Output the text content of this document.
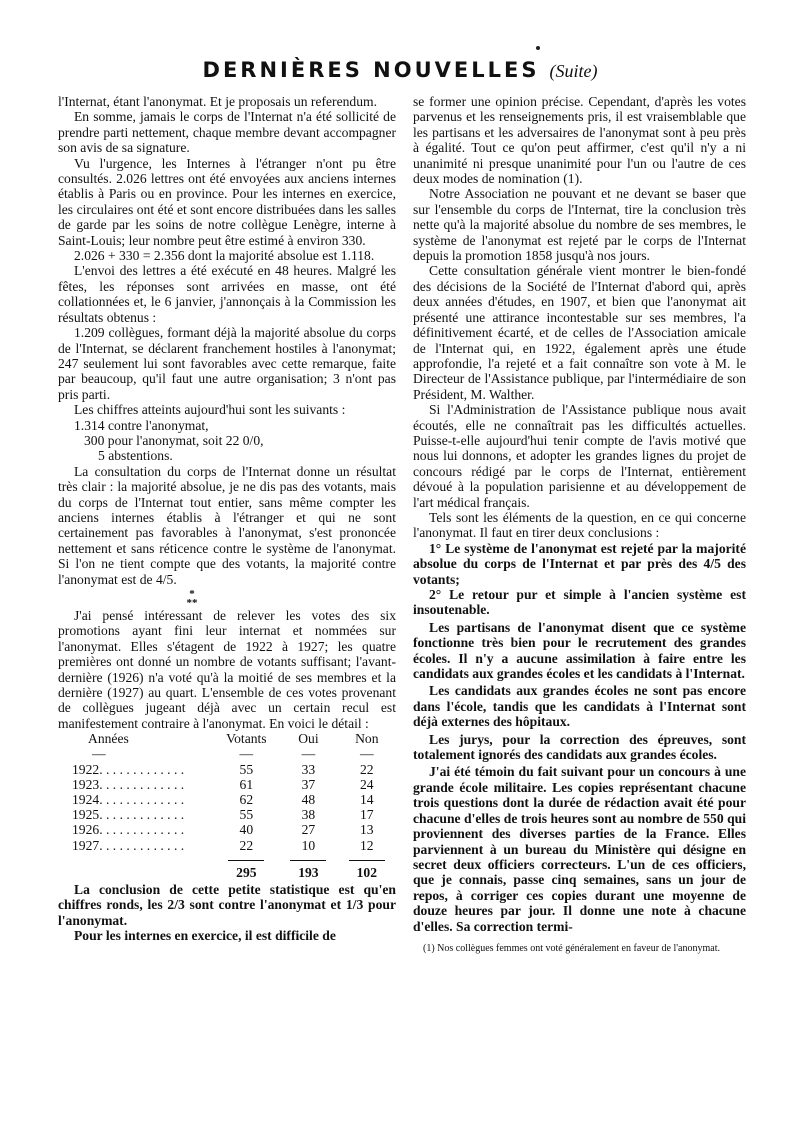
DERNIÈRES NOUVELLES (Suite)

l'Internat, étant l'anonymat. Et je proposais un referendum.

En somme, jamais le corps de l'Internat n'a été sollicité de prendre parti nettement, chaque membre devant accompagner son avis de sa signature.

Vu l'urgence, les Internes à l'étranger n'ont pu être consultés. 2.026 lettres ont été envoyées aux anciens internes établis à Paris ou en province. Pour les internes en exercice, les circulaires ont été et sont encore distribuées dans les salles de garde par les soins de notre collègue Lenègre, interne à Saint-Louis; leur nombre peut être estimé à environ 330.

2.026 + 330 = 2.356 dont la majorité absolue est 1.118.

L'envoi des lettres a été exécuté en 48 heures. Malgré les fêtes, les réponses sont arrivées en masse, ont été collationnées et, le 6 janvier, j'annonçais à la Commission les résultats obtenus :

1.209 collègues, formant déjà la majorité absolue du corps de l'Internat, se déclarent franchement hostiles à l'anonymat; 247 seulement lui sont favorables avec cette remarque, faite par beaucoup, qu'il faut une autre organisation; 3 n'ont pas pris parti.

Les chiffres atteints aujourd'hui sont les suivants :

1.314 contre l'anonymat,
300 pour l'anonymat, soit 22 0/0,
5 abstentions.

La consultation du corps de l'Internat donne un résultat très clair : la majorité absolue, je ne dis pas des votants, mais du corps de l'Internat tout entier, sans même compter les anciens internes établis à l'étranger et qui ne sont certainement pas favorables à l'anonymat, s'est prononcée nettement et sans réticence contre le système de l'anonymat. Si l'on ne tient compte que des votants, la majorité contre l'anonymat est de 4/5.

*
**

J'ai pensé intéressant de relever les votes des six promotions ayant fini leur internat et nommées sur l'anonymat. Elles s'étagent de 1922 à 1927; les quatre premières ont donné un nombre de votants suffisant; l'avant-dernière (1926) n'a voté qu'à la moitié de ses membres et la dernière (1927) au quart. L'ensemble de ces votes provenant de collègues jugeant déjà avec un certain recul est manifestement contraire à l'anonymat. En voici le détail :

Années	Votants	Oui	Non
—	—	—	—
1922. . . . . . . . . . . . .	55	33	22
1923. . . . . . . . . . . . .	61	37	24
1924. . . . . . . . . . . . .	62	48	14
1925. . . . . . . . . . . . .	55	38	17
1926. . . . . . . . . . . . .	40	27	13
1927. . . . . . . . . . . . .	22	10	12

	295	193	102

La conclusion de cette petite statistique est qu'en chiffres ronds, les 2/3 sont contre l'anonymat et 1/3 pour l'anonymat.

Pour les internes en exercice, il est difficile de

se former une opinion précise. Cependant, d'après les votes parvenus et les renseignements pris, il est vraisemblable que les partisans et les adversaires de l'anonymat sont à peu près à égalité. Tout ce qu'on peut affirmer, c'est qu'il n'y a ni unanimité ni presque unanimité pour l'un ou l'autre de ces deux modes de nomination (1).

Notre Association ne pouvant et ne devant se baser que sur l'ensemble du corps de l'Internat, tire la conclusion très nette qu'à la majorité absolue du nombre de ses membres, le système de l'anonymat est rejeté par le corps de l'Internat depuis la promotion 1858 jusqu'à nos jours.

Cette consultation générale vient montrer le bien-fondé des décisions de la Société de l'Internat d'abord qui, après deux années d'études, en 1907, et bien que l'anonymat ait présenté une attirance incontestable sur ses membres, l'a définitivement écarté, et de celles de l'Association amicale de l'Internat qui, en 1922, également après une étude approfondie, l'a rejeté et a fait connaître son vote à M. le Directeur de l'Assistance publique, par l'intermédiaire de son Président, M. Walther.

Si l'Administration de l'Assistance publique nous avait écoutés, elle ne connaîtrait pas les difficultés actuelles. Puisse-t-elle aujourd'hui tenir compte de l'avis motivé que nous lui donnons, et adopter les grandes lignes du projet de concours rédigé par le corps de l'Internat, entièrement dévoué à la population parisienne et au développement de l'art médical français.

Tels sont les éléments de la question, en ce qui concerne l'anonymat. Il faut en tirer deux conclusions :

1° Le système de l'anonymat est rejeté par la majorité absolue du corps de l'Internat et par près des 4/5 des votants;

2° Le retour pur et simple à l'ancien système est insoutenable.

Les partisans de l'anonymat disent que ce système fonctionne très bien pour le recrutement des grandes écoles. Il n'y a aucune assimilation à faire entre les candidats aux grandes écoles et les candidats à l'Internat.

Les candidats aux grandes écoles ne sont pas encore dans l'école, tandis que les candidats à l'Internat sont déjà externes des hôpitaux.

Les jurys, pour la correction des épreuves, sont totalement ignorés des candidats aux grandes écoles.

J'ai été témoin du fait suivant pour un concours à une grande école militaire. Les copies représentant chacune trois questions dont la durée de rédaction avait été pour chacune d'elles de trois heures sont au nombre de 550 qui proviennent des diverses parties de la France. Elles parviennent à un bureau du Ministère qui désigne en secret deux officiers correcteurs. L'un de ces officiers, que je connais, passe cinq semaines, sans un jour de repos, à corriger ces copies durant une moyenne de douze heures par jour. Il donne une note à chacune d'elles. Sa correction termi-

(1) Nos collègues femmes ont voté généralement en faveur de l'anonymat.
